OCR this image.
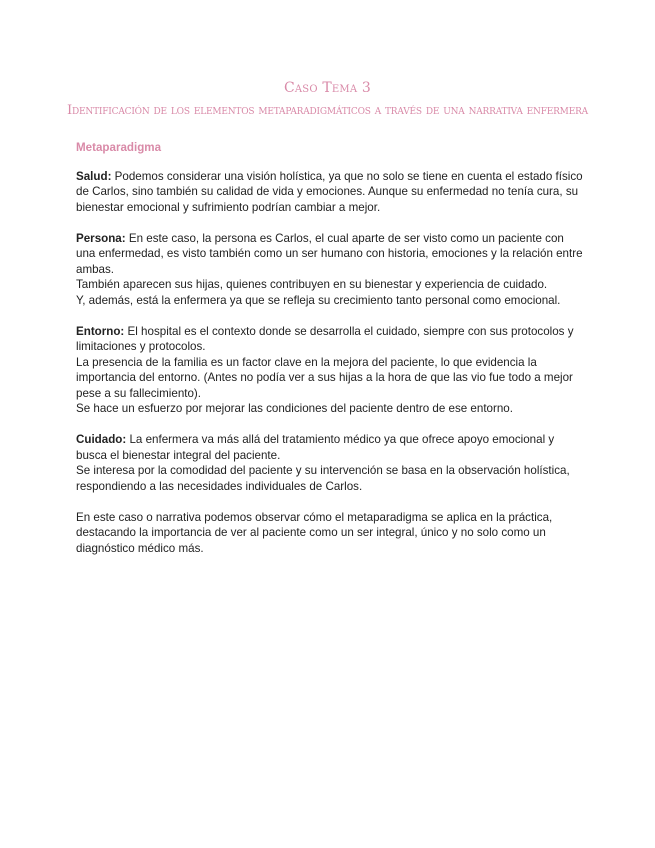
Caso Tema 3
Identificación de los elementos metaparadigmáticos a través de una narrativa enfermera
Metaparadigma

Salud: Podemos considerar una visión holística, ya que no solo se tiene en cuenta el estado físico de Carlos, sino también su calidad de vida y emociones. Aunque su enfermedad no tenía cura, su bienestar emocional y sufrimiento podrían cambiar a mejor.

Persona: En este caso, la persona es Carlos, el cual aparte de ser visto como un paciente con una enfermedad, es visto también como un ser humano con historia, emociones y la relación entre ambas.

También aparecen sus hijas, quienes contribuyen en su bienestar y experiencia de cuidado.

Y, además, está la enfermera ya que se refleja su crecimiento tanto personal como emocional.

Entorno: El hospital es el contexto donde se desarrolla el cuidado, siempre con sus protocolos y limitaciones y protocolos.

La presencia de la familia es un factor clave en la mejora del paciente, lo que evidencia la importancia del entorno. (Antes no podía ver a sus hijas a la hora de que las vio fue todo a mejor pese a su fallecimiento).

Se hace un esfuerzo por mejorar las condiciones del paciente dentro de ese entorno.

Cuidado: La enfermera va más allá del tratamiento médico ya que ofrece apoyo emocional y busca el bienestar integral del paciente.

Se interesa por la comodidad del paciente y su intervención se basa en la observación holística, respondiendo a las necesidades individuales de Carlos.

En este caso o narrativa podemos observar cómo el metaparadigma se aplica en la práctica, destacando la importancia de ver al paciente como un ser integral, único y no solo como un diagnóstico médico más.
